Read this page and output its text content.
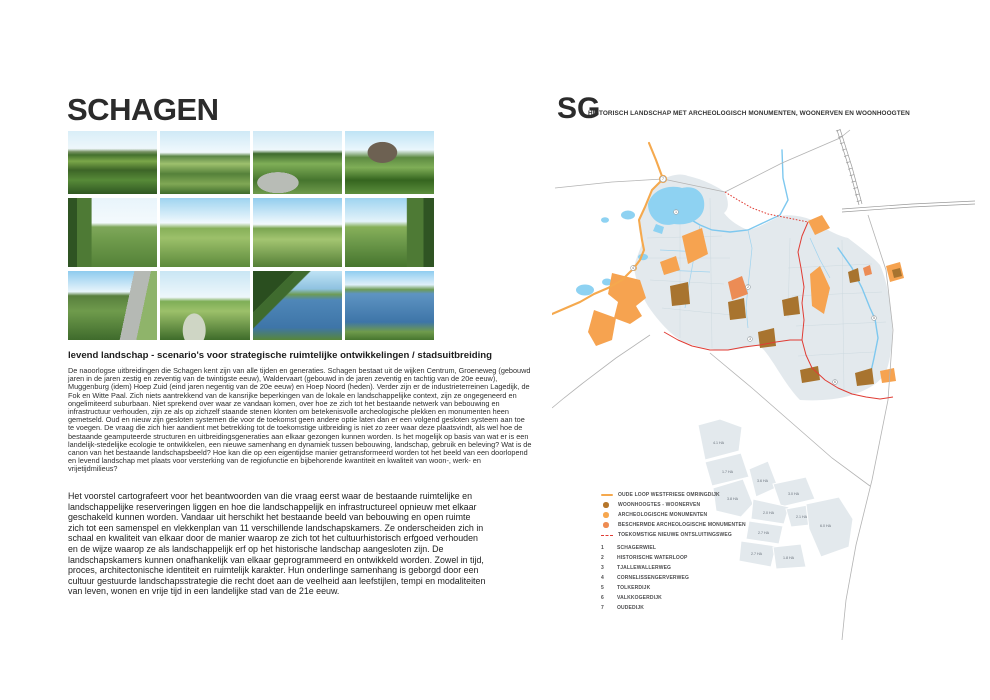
SCHAGEN
levend landschap - scenario's voor strategische ruimtelijke ontwikkelingen / stadsuitbreiding
De naoorlogse uitbreidingen die Schagen kent zijn van alle tijden en generaties. Schagen bestaat uit de wijken Centrum, Groeneweg (gebouwd jaren in de jaren zestig en zeventig van de twintigste eeuw), Waldervaart (gebouwd in de jaren zeventig en tachtig van de 20e eeuw), Muggenburg (idem) Hoep Zuid (eind jaren negentig van de 20e eeuw) en Hoep Noord (heden). Verder zijn er de industrieterreinen Lagedijk, de Fok en Witte Paal. Zich niets aantrekkend van de kansrijke beperkingen van de lokale en landschappelijke context, zijn ze ongegeneerd en ongelimiteerd suburbaan. Niet sprekend over waar ze vandaan komen, over hoe ze zich tot het bestaande netwerk van bebouwing en infrastructuur verhouden, zijn ze als op zichzelf staande stenen klonten om betekenisvolle archeologische plekken en monumenten heen gemetseld. Oud en nieuw zijn gesloten systemen die voor de toekomst geen andere optie laten dan er een volgend gesloten systeem aan toe te voegen. De vraag die zich hier aandient met betrekking tot de toekomstige uitbreiding is niet zo zeer waar deze plaatsvindt, als wel hoe de bestaande geamputeerde structuren en uitbreidingsgeneraties aan elkaar gezongen kunnen worden. Is het mogelijk op basis van wat er is een landelijk-stedelijke ecologie te ontwikkelen, een nieuwe samenhang en dynamiek tussen bebouwing, landschap, gebruik en beleving? Wat is de canon van het bestaande landschapsbeeld? Hoe kan die op een eigentijdse manier getransformeerd worden tot het beeld van een doorlopend en levend landschap met plaats voor versterking van de regiofunctie en bijbehorende kwantiteit en kwaliteit van woon-, werk- en vrijetijdmilieus?
Het voorstel cartografeert voor het beantwoorden van die vraag eerst waar de bestaande ruimtelijke en landschappelijke reserveringen liggen en hoe die landschappelijk en infrastructureel opnieuw met elkaar geschakeld kunnen worden. Vandaar uit herschikt het bestaande beeld van bebouwing en open ruimte zich tot een samenspel en vlekkenplan van 11 verschillende landschapskamers. Ze onderscheiden zich in schaal en kwaliteit van elkaar door de manier waarop ze zich tot het cultuurhistorisch erfgoed verhouden en de wijze waarop ze als landschappelijk erf op het historische landschap aangesloten zijn. De landschapskamers kunnen onafhankelijk van elkaar geprogrammeerd en ontwikkeld worden. Zowel in tijd, proces, architectonische identiteit en ruimtelijk karakter. Hun onderlinge samenhang is geborgd door een cultuur gestuurde landschapsstrategie die recht doet aan de veelheid aan leefstijlen, tempi en modaliteiten van leven, wonen en vrije tijd in een landelijke stad van de 21e eeuw.
SG
HISTORISCH LANDSCHAP MET ARCHEOLOGISCH MONUMENTEN, WOONERVEN EN WOONHOOGTEN
4.1 HA
1.7 HA
3.8 HA
3.6 HA
3.0 HA
2.0 HA
2.1 HA
2.7 HA
2.7 HA
1.8 HA
6.0 HA
1
2
3
4
5
6
7
OUDE LOOP WESTFRIESE OMRINGDIJK
WOONHOOGTES - WOONERVEN
ARCHEOLOGISCHE MONUMENTEN
BESCHERMDE ARCHEOLOGISCHE MONUMENTEN
TOEKOMSTIGE NIEUWE ONTSLUITINGSWEG
1	SCHAGERWIEL
2	HISTORISCHE WATERLOOP
3	TJALLEWALLERWEG
4	CORNELISSENGERVERWEG
5	TOLKERDIJK
6	VALKKOGERDIJK
7	OUDEDIJK
